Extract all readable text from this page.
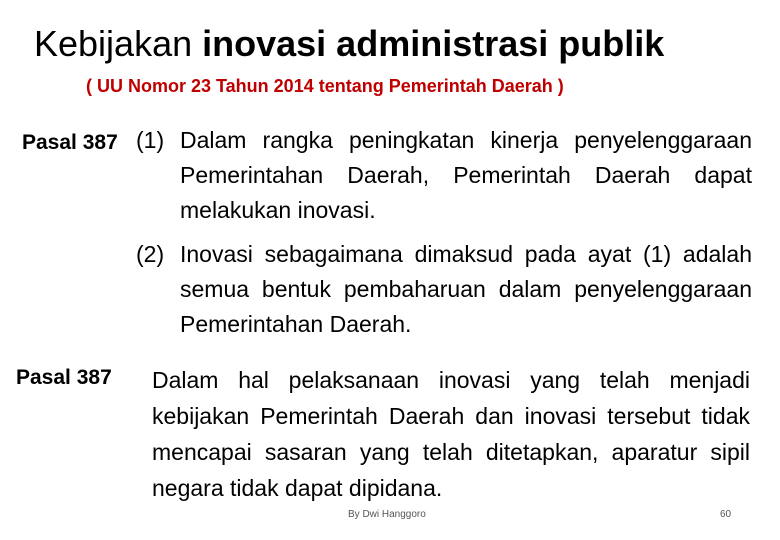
Kebijakan inovasi administrasi publik
( UU Nomor 23 Tahun 2014 tentang Pemerintah Daerah )
Pasal 387 (1) Dalam rangka peningkatan kinerja penyelenggaraan Pemerintahan Daerah, Pemerintah Daerah dapat melakukan inovasi.
(2) Inovasi sebagaimana dimaksud pada ayat (1) adalah semua bentuk pembaharuan dalam penyelenggaraan Pemerintahan Daerah.
Pasal 387 Dalam hal pelaksanaan inovasi yang telah menjadi kebijakan Pemerintah Daerah dan inovasi tersebut tidak mencapai sasaran yang telah ditetapkan, aparatur sipil negara tidak dapat dipidana.
By Dwi Hanggoro	60
